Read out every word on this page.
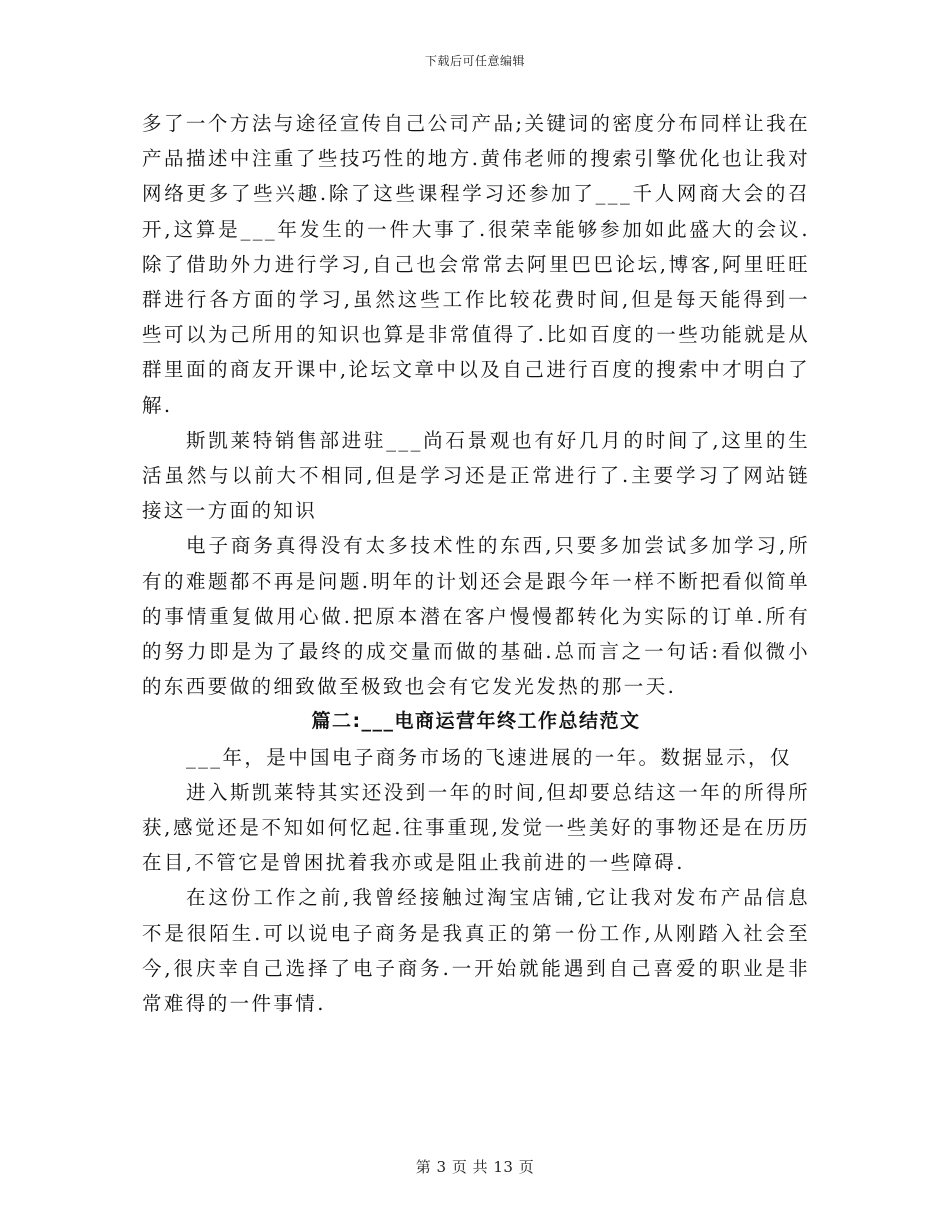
下载后可任意编辑

多了一个方法与途径宣传自己公司产品;关键词的密度分布同样让我在产品描述中注重了些技巧性的地方.黄伟老师的搜索引擎优化也让我对网络更多了些兴趣.除了这些课程学习还参加了___千人网商大会的召开,这算是___年发生的一件大事了.很荣幸能够参加如此盛大的会议.除了借助外力进行学习,自己也会常常去阿里巴巴论坛,博客,阿里旺旺群进行各方面的学习,虽然这些工作比较花费时间,但是每天能得到一些可以为己所用的知识也算是非常值得了.比如百度的一些功能就是从群里面的商友开课中,论坛文章中以及自己进行百度的搜索中才明白了解.

斯凯莱特销售部进驻___尚石景观也有好几月的时间了,这里的生活虽然与以前大不相同,但是学习还是正常进行了.主要学习了网站链接这一方面的知识

电子商务真得没有太多技术性的东西,只要多加尝试多加学习,所有的难题都不再是问题.明年的计划还会是跟今年一样不断把看似简单的事情重复做用心做.把原本潜在客户慢慢都转化为实际的订单.所有的努力即是为了最终的成交量而做的基础.总而言之一句话:看似微小的东西要做的细致做至极致也会有它发光发热的那一天.

篇二:___电商运营年终工作总结范文

___年，是中国电子商务市场的飞速进展的一年。数据显示，仅

进入斯凯莱特其实还没到一年的时间,但却要总结这一年的所得所获,感觉还是不知如何忆起.往事重现,发觉一些美好的事物还是在历历在目,不管它是曾困扰着我亦或是阻止我前进的一些障碍.

在这份工作之前,我曾经接触过淘宝店铺,它让我对发布产品信息不是很陌生.可以说电子商务是我真正的第一份工作,从刚踏入社会至今,很庆幸自己选择了电子商务.一开始就能遇到自己喜爱的职业是非常难得的一件事情.

第 3 页 共 13 页
